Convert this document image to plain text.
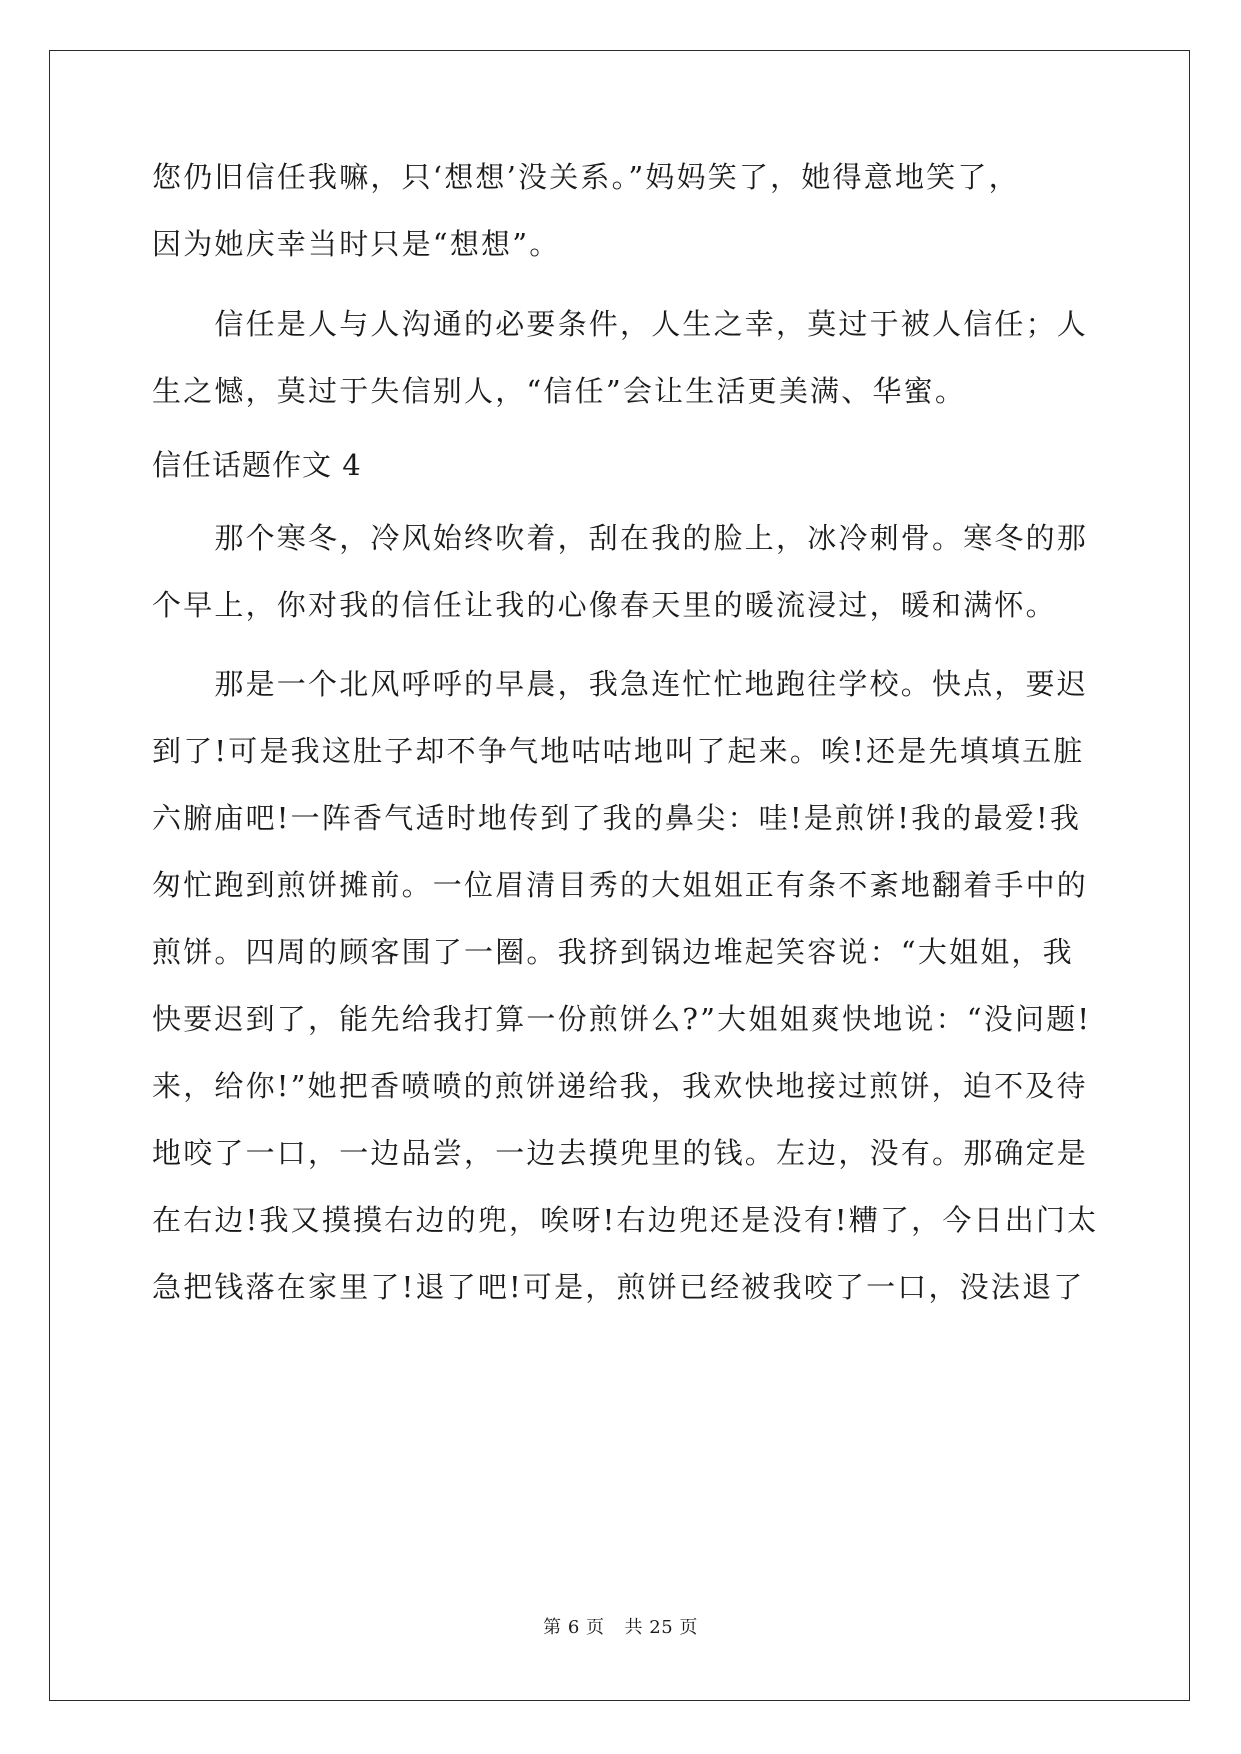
您仍旧信任我嘛，只‘想想’没关系。”妈妈笑了，她得意地笑了，
因为她庆幸当时只是“想想”。
　　信任是人与人沟通的必要条件，人生之幸，莫过于被人信任；人
生之憾，莫过于失信别人，“信任”会让生活更美满、华蜜。
信任话题作文 4
　　那个寒冬，冷风始终吹着，刮在我的脸上，冰冷刺骨。寒冬的那
个早上，你对我的信任让我的心像春天里的暖流浸过，暖和满怀。
　　那是一个北风呼呼的早晨，我急连忙忙地跑往学校。快点，要迟
到了!可是我这肚子却不争气地咕咕地叫了起来。唉!还是先填填五脏
六腑庙吧!一阵香气适时地传到了我的鼻尖：哇!是煎饼!我的最爱!我
匆忙跑到煎饼摊前。一位眉清目秀的大姐姐正有条不紊地翻着手中的
煎饼。四周的顾客围了一圈。我挤到锅边堆起笑容说：“大姐姐，我
快要迟到了，能先给我打算一份煎饼么?”大姐姐爽快地说：“没问题!
来，给你!”她把香喷喷的煎饼递给我，我欢快地接过煎饼，迫不及待
地咬了一口，一边品尝，一边去摸兜里的钱。左边，没有。那确定是
在右边!我又摸摸右边的兜，唉呀!右边兜还是没有!糟了，今日出门太
急把钱落在家里了!退了吧!可是，煎饼已经被我咬了一口，没法退了
第 6 页 共 25 页
